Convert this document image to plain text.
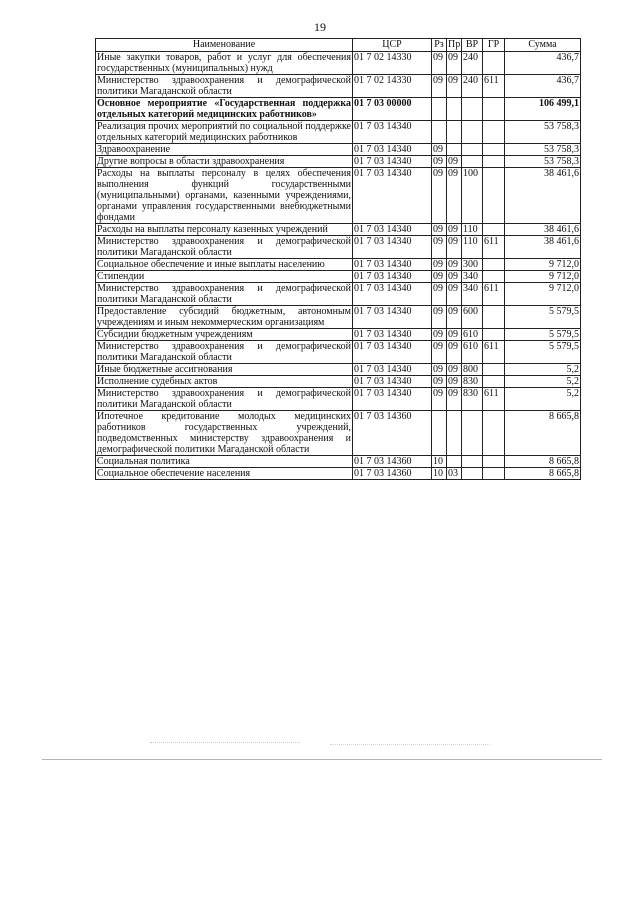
19
Наименование	ЦСР	Рз	Пр	ВР	ГР	Сумма
Иные закупки товаров, работ и услуг для обеспечения государственных (муниципальных) нужд	01 7 02 14330	09	09	240		436,7
Министерство здравоохранения и демографической политики Магаданской области	01 7 02 14330	09	09	240	611	436,7
Основное мероприятие «Государственная поддержка отдельных категорий медицинских работников»	01 7 03 00000					106 499,1
Реализация прочих мероприятий по социальной поддержке отдельных категорий медицинских работников	01 7 03 14340					53 758,3
Здравоохранение	01 7 03 14340	09				53 758,3
Другие вопросы в области здравоохранения	01 7 03 14340	09	09			53 758,3
Расходы на выплаты персоналу в целях обеспечения выполнения функций государственными (муниципальными) органами, казенными учреждениями, органами управления государственными внебюджетными фондами	01 7 03 14340	09	09	100		38 461,6
Расходы на выплаты персоналу казенных учреждений	01 7 03 14340	09	09	110		38 461,6
Министерство здравоохранения и демографической политики Магаданской области	01 7 03 14340	09	09	110	611	38 461,6
Социальное обеспечение и иные выплаты населению	01 7 03 14340	09	09	300		9 712,0
Стипендии	01 7 03 14340	09	09	340		9 712,0
Министерство здравоохранения и демографической политики Магаданской области	01 7 03 14340	09	09	340	611	9 712,0
Предоставление субсидий бюджетным, автономным учреждениям и иным некоммерческим организациям	01 7 03 14340	09	09	600		5 579,5
Субсидии бюджетным учреждениям	01 7 03 14340	09	09	610		5 579,5
Министерство здравоохранения и демографической политики Магаданской области	01 7 03 14340	09	09	610	611	5 579,5
Иные бюджетные ассигнования	01 7 03 14340	09	09	800		5,2
Исполнение судебных актов	01 7 03 14340	09	09	830		5,2
Министерство здравоохранения и демографической политики Магаданской области	01 7 03 14340	09	09	830	611	5,2
Ипотечное кредитование молодых медицинских работников государственных учреждений, подведомственных министерству здравоохранения и демографической политики Магаданской области	01 7 03 14360					8 665,8
Социальная политика	01 7 03 14360	10				8 665,8
Социальное обеспечение населения	01 7 03 14360	10	03			8 665,8
